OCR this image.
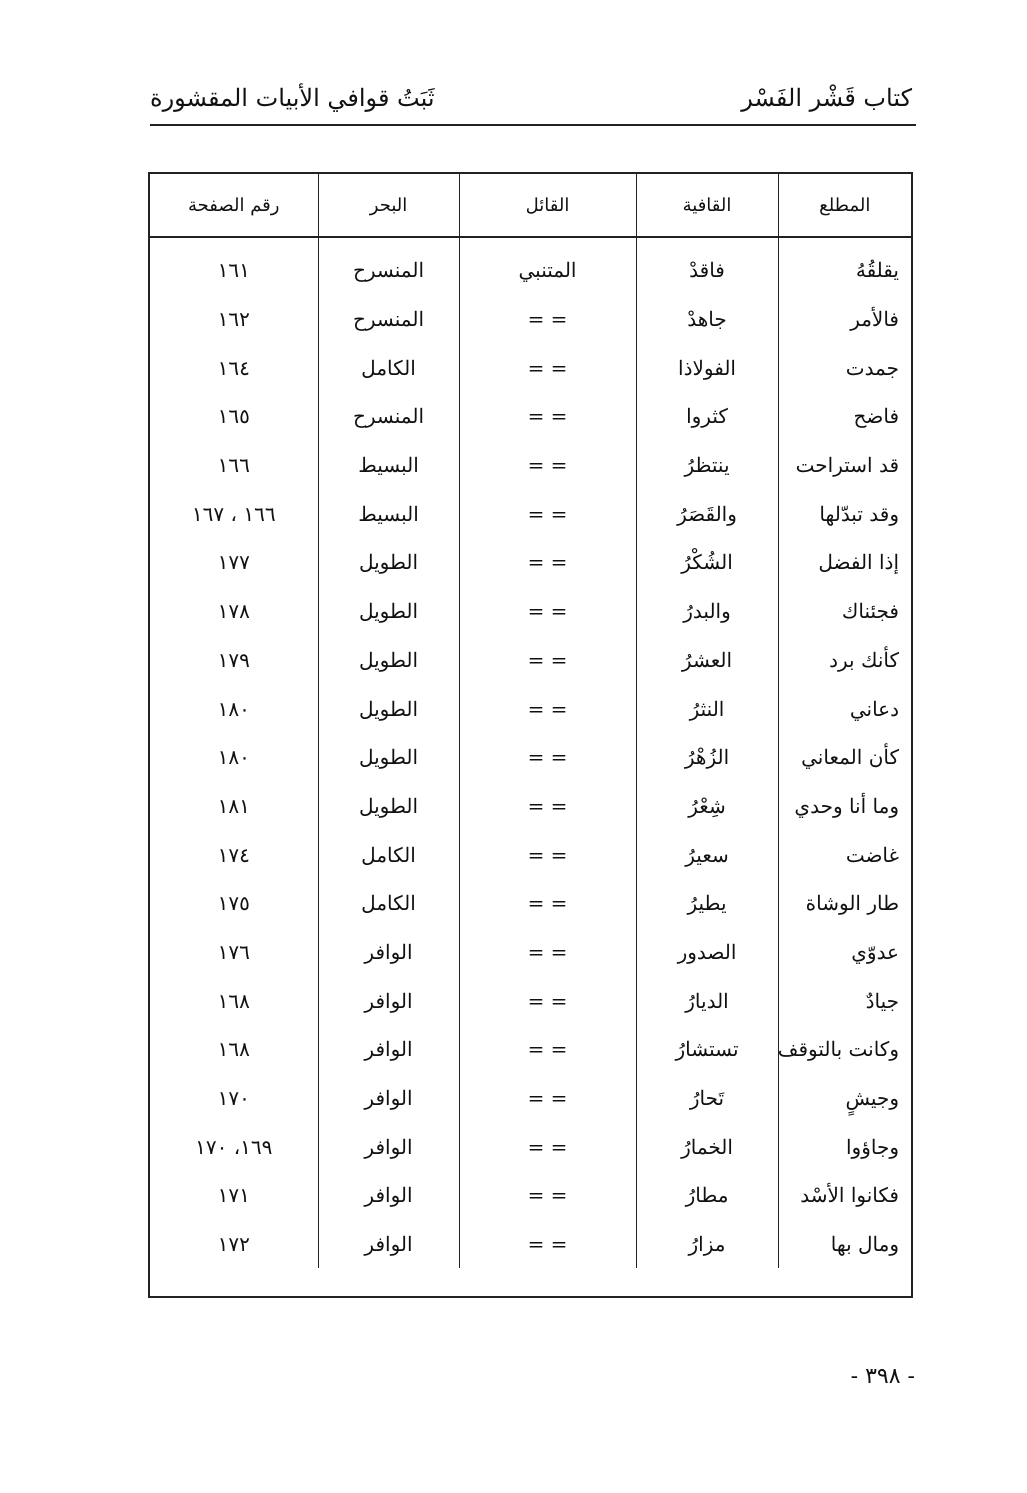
كتاب قَشْر الفَسْر
ثَبَتُ قوافي الأبيات المقشورة
المطلع	القافية	القائل	البحر	رقم الصفحة

يقلقُهُ	فاقدْ	المتنبي	المنسرح	١٦١
فالأمر	جاهدْ	= =	المنسرح	١٦٢
جمدت	الفولاذا	= =	الكامل	١٦٤
فاضح	كثروا	= =	المنسرح	١٦٥
قد استراحت	ينتظرُ	= =	البسيط	١٦٦
وقد تبدّلها	والقَصَرُ	= =	البسيط	١٦٦ ، ١٦٧
إذا الفضل	الشُكْرُ	= =	الطويل	١٧٧
فجئناك	والبدرُ	= =	الطويل	١٧٨
كأنك برد	العشرُ	= =	الطويل	١٧٩
دعاني	النثرُ	= =	الطويل	١٨٠
كأن المعاني	الزُهْرُ	= =	الطويل	١٨٠
وما أنا وحدي	شِعْرُ	= =	الطويل	١٨١
غاضت	سعيرُ	= =	الكامل	١٧٤
طار الوشاة	يطيرُ	= =	الكامل	١٧٥
عدوّي	الصدور	= =	الوافر	١٧٦
جيادٌ	الديارُ	= =	الوافر	١٦٨
وكانت بالتوقف	تستشارُ	= =	الوافر	١٦٨
وجيشٍ	تَحارُ	= =	الوافر	١٧٠
وجاؤوا	الخمارُ	= =	الوافر	١٦٩، ١٧٠
فكانوا الأسْد	مطارُ	= =	الوافر	١٧١
ومال بها	مزارُ	= =	الوافر	١٧٢

- ٣٩٨ -
